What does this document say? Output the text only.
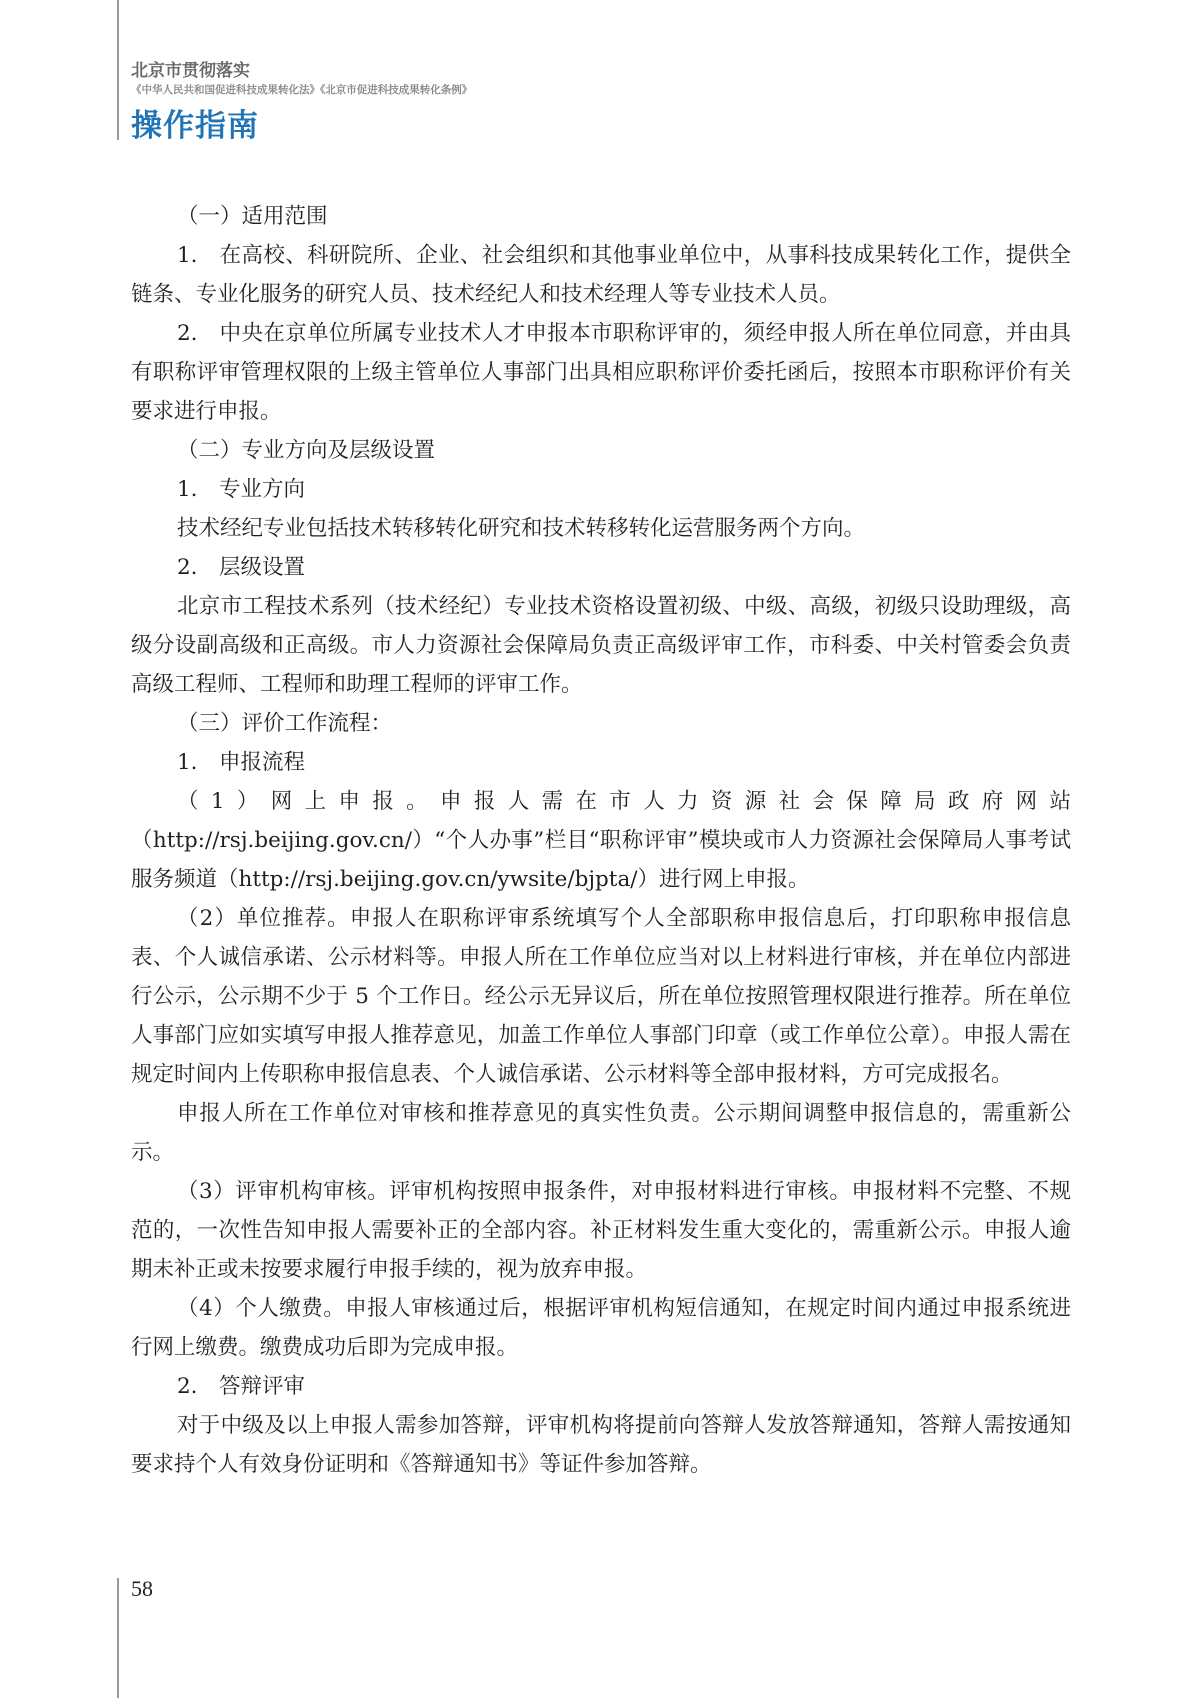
北京市贯彻落实
《中华人民共和国促进科技成果转化法》《北京市促进科技成果转化条例》
操作指南

（一）适用范围

1.　在高校、科研院所、企业、社会组织和其他事业单位中，从事科技成果转化工作，提供全链条、专业化服务的研究人员、技术经纪人和技术经理人等专业技术人员。

2.　中央在京单位所属专业技术人才申报本市职称评审的，须经申报人所在单位同意，并由具有职称评审管理权限的上级主管单位人事部门出具相应职称评价委托函后，按照本市职称评价有关要求进行申报。

（二）专业方向及层级设置

1.　专业方向

技术经纪专业包括技术转移转化研究和技术转移转化运营服务两个方向。

2.　层级设置

北京市工程技术系列（技术经纪）专业技术资格设置初级、中级、高级，初级只设助理级，高级分设副高级和正高级。市人力资源社会保障局负责正高级评审工作，市科委、中关村管委会负责高级工程师、工程师和助理工程师的评审工作。

（三）评价工作流程：

1.　申报流程

（1）网上申报。申报人需在市人力资源社会保障局政府网站（http://rsj.beijing.gov.cn/）“个人办事”栏目“职称评审”模块或市人力资源社会保障局人事考试服务频道（http://rsj.beijing.gov.cn/ywsite/bjpta/）进行网上申报。

（2）单位推荐。申报人在职称评审系统填写个人全部职称申报信息后，打印职称申报信息表、个人诚信承诺、公示材料等。申报人所在工作单位应当对以上材料进行审核，并在单位内部进行公示，公示期不少于 5 个工作日。经公示无异议后，所在单位按照管理权限进行推荐。所在单位人事部门应如实填写申报人推荐意见，加盖工作单位人事部门印章（或工作单位公章）。申报人需在规定时间内上传职称申报信息表、个人诚信承诺、公示材料等全部申报材料，方可完成报名。

申报人所在工作单位对审核和推荐意见的真实性负责。公示期间调整申报信息的，需重新公示。

（3）评审机构审核。评审机构按照申报条件，对申报材料进行审核。申报材料不完整、不规范的，一次性告知申报人需要补正的全部内容。补正材料发生重大变化的，需重新公示。申报人逾期未补正或未按要求履行申报手续的，视为放弃申报。

（4）个人缴费。申报人审核通过后，根据评审机构短信通知，在规定时间内通过申报系统进行网上缴费。缴费成功后即为完成申报。

2.　答辩评审

对于中级及以上申报人需参加答辩，评审机构将提前向答辩人发放答辩通知，答辩人需按通知要求持个人有效身份证明和《答辩通知书》等证件参加答辩。

58
